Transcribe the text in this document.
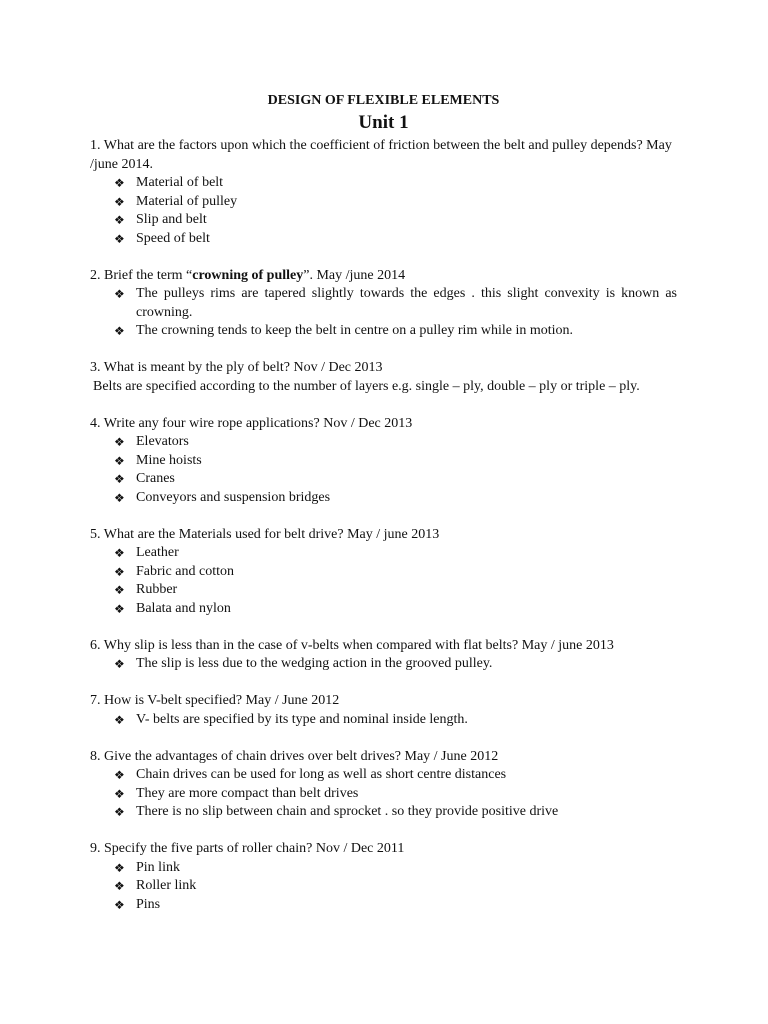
DESIGN OF FLEXIBLE ELEMENTS

Unit 1

1. What are the factors upon which the coefficient of friction between the belt and pulley depends? May /june 2014.

❖ Material of belt
❖ Material of pulley
❖ Slip and belt
❖ Speed of belt

2. Brief the term “crowning of pulley”. May /june 2014

❖ The pulleys rims are tapered slightly towards the edges . this slight convexity is known as crowning.
❖ The crowning tends to keep the belt in centre on a pulley rim while in motion.

3. What is meant by the ply of belt? Nov / Dec 2013

Belts are specified according to the number of layers e.g. single – ply, double – ply or triple – ply.

4. Write any four wire rope applications? Nov / Dec 2013

❖ Elevators
❖ Mine hoists
❖ Cranes
❖ Conveyors and suspension bridges

5. What are the Materials used for belt drive? May / june 2013

❖ Leather
❖ Fabric and cotton
❖ Rubber
❖ Balata and nylon

6. Why slip is less than in the case of v-belts when compared with flat belts? May / june 2013

❖ The slip is less due to the wedging action in the grooved pulley.

7. How is V-belt specified? May / June 2012

❖ V- belts are specified by its type and nominal inside length.

8. Give the advantages of chain drives over belt drives? May / June 2012

❖ Chain drives can be used for long as well as short centre distances
❖ They are more compact than belt drives
❖ There is no slip between chain and sprocket . so they provide positive drive

9. Specify the five parts of roller chain? Nov / Dec 2011

❖ Pin link
❖ Roller link
❖ Pins
